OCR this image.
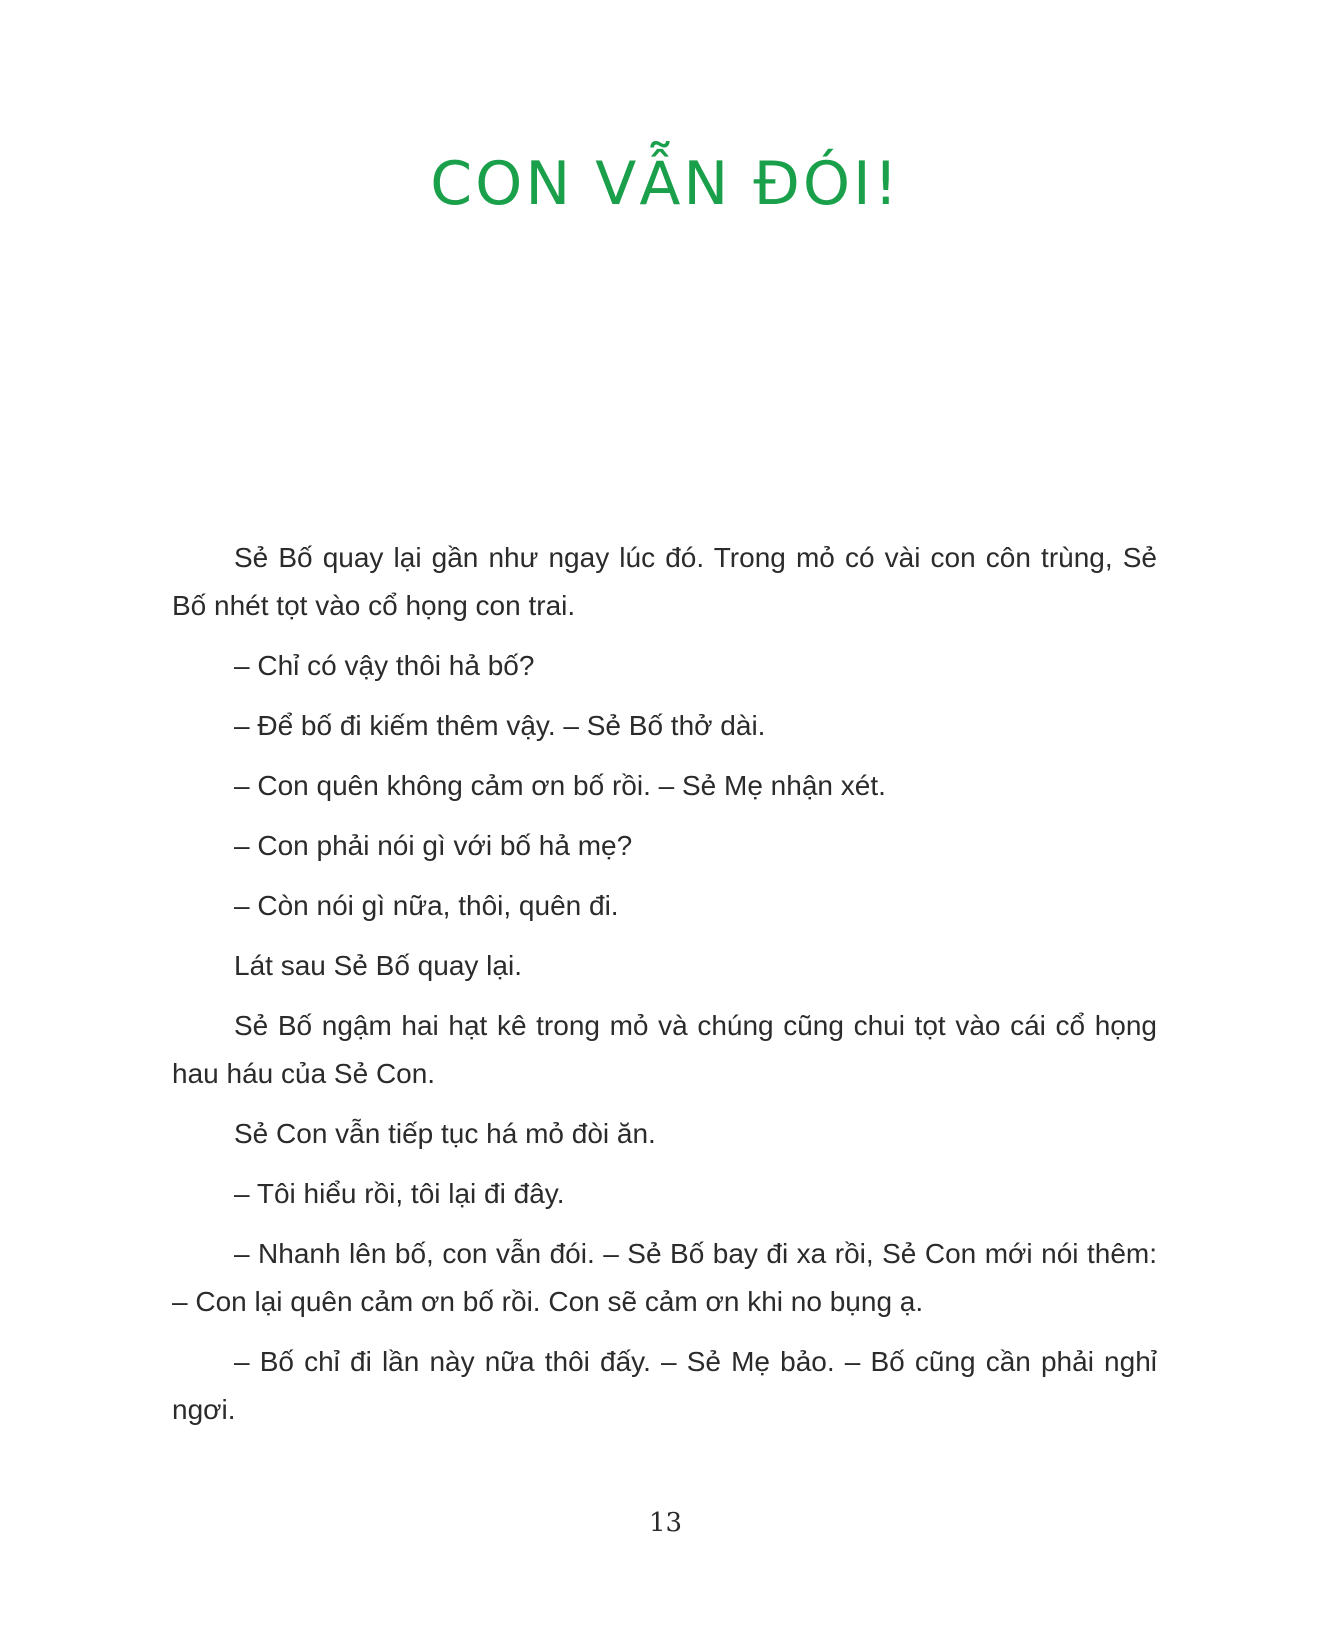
CON VẪN ĐÓI!

Sẻ Bố quay lại gần như ngay lúc đó. Trong mỏ có vài con côn trùng, Sẻ Bố nhét tọt vào cổ họng con trai.

– Chỉ có vậy thôi hả bố?

– Để bố đi kiếm thêm vậy. – Sẻ Bố thở dài.

– Con quên không cảm ơn bố rồi. – Sẻ Mẹ nhận xét.

– Con phải nói gì với bố hả mẹ?

– Còn nói gì nữa, thôi, quên đi.

Lát sau Sẻ Bố quay lại.

Sẻ Bố ngậm hai hạt kê trong mỏ và chúng cũng chui tọt vào cái cổ họng hau háu của Sẻ Con.

Sẻ Con vẫn tiếp tục há mỏ đòi ăn.

– Tôi hiểu rồi, tôi lại đi đây.

– Nhanh lên bố, con vẫn đói. – Sẻ Bố bay đi xa rồi, Sẻ Con mới nói thêm: – Con lại quên cảm ơn bố rồi. Con sẽ cảm ơn khi no bụng ạ.

– Bố chỉ đi lần này nữa thôi đấy. – Sẻ Mẹ bảo. – Bố cũng cần phải nghỉ ngơi.

13
